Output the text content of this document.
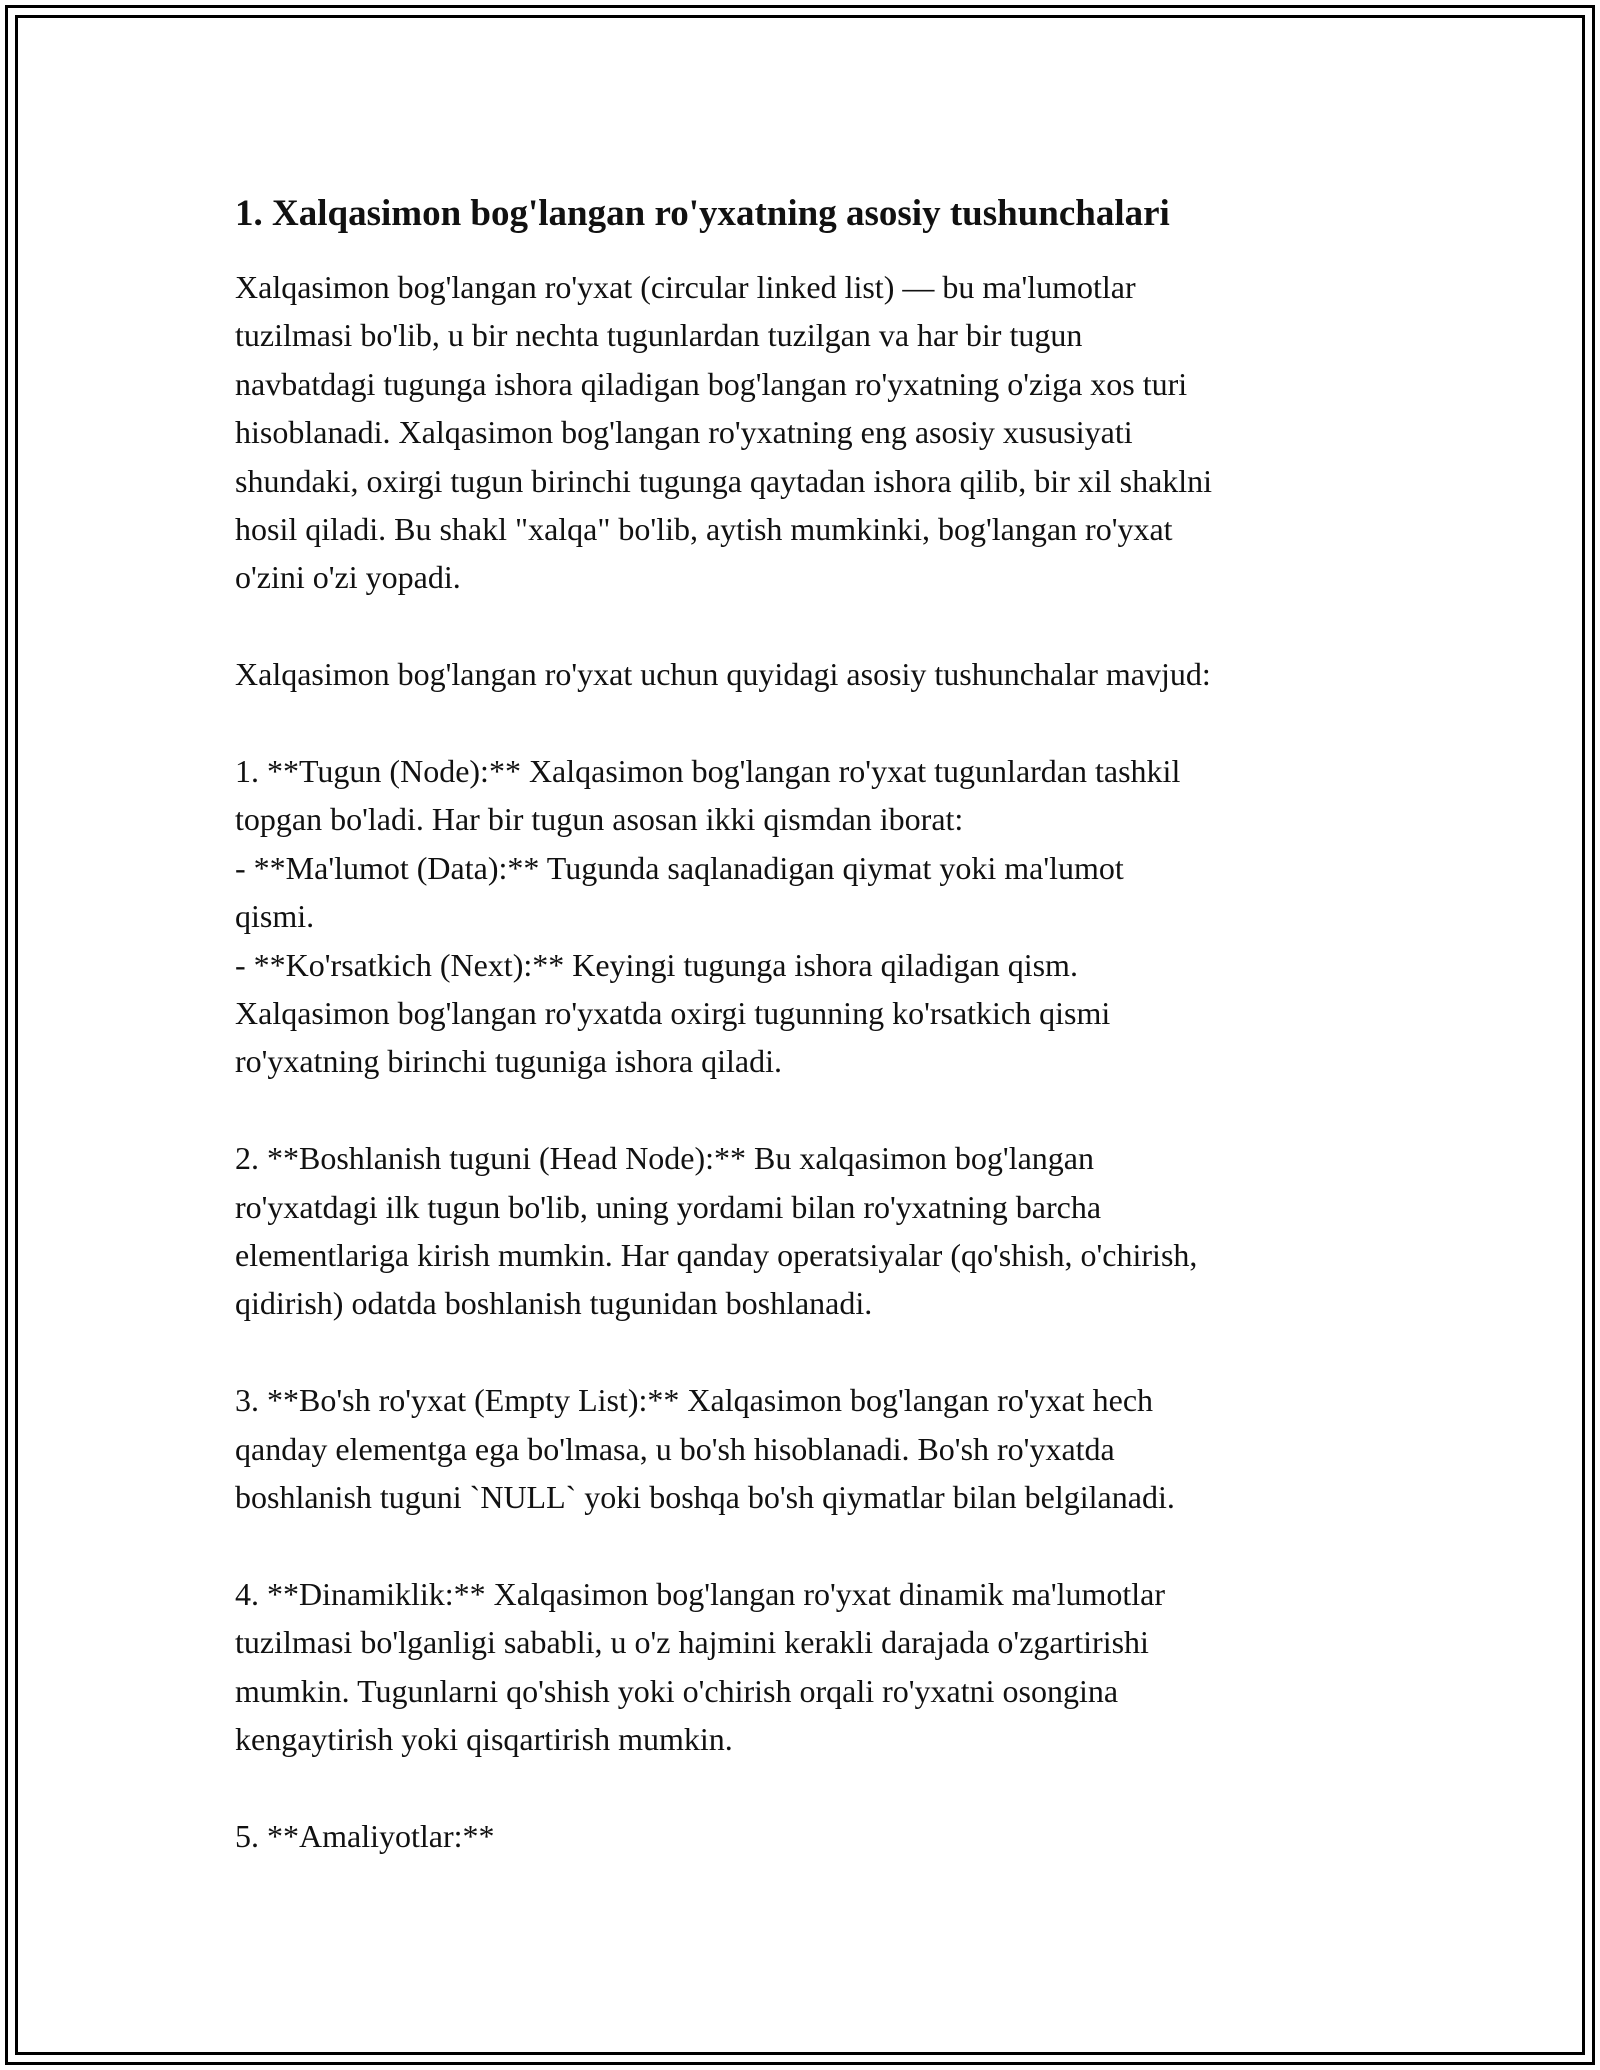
1. Xalqasimon bog'langan ro'yxatning asosiy tushunchalari

Xalqasimon bog'langan ro'yxat (circular linked list) — bu ma'lumotlar
tuzilmasi bo'lib, u bir nechta tugunlardan tuzilgan va har bir tugun
navbatdagi tugunga ishora qiladigan bog'langan ro'yxatning o'ziga xos turi
hisoblanadi. Xalqasimon bog'langan ro'yxatning eng asosiy xususiyati
shundaki, oxirgi tugun birinchi tugunga qaytadan ishora qilib, bir xil shaklni
hosil qiladi. Bu shakl "xalqa" bo'lib, aytish mumkinki, bog'langan ro'yxat
o'zini o'zi yopadi.

Xalqasimon bog'langan ro'yxat uchun quyidagi asosiy tushunchalar mavjud:

1. **Tugun (Node):** Xalqasimon bog'langan ro'yxat tugunlardan tashkil
topgan bo'ladi. Har bir tugun asosan ikki qismdan iborat:
- **Ma'lumot (Data):** Tugunda saqlanadigan qiymat yoki ma'lumot
qismi.
- **Ko'rsatkich (Next):** Keyingi tugunga ishora qiladigan qism.
Xalqasimon bog'langan ro'yxatda oxirgi tugunning ko'rsatkich qismi
ro'yxatning birinchi tuguniga ishora qiladi.

2. **Boshlanish tuguni (Head Node):** Bu xalqasimon bog'langan
ro'yxatdagi ilk tugun bo'lib, uning yordami bilan ro'yxatning barcha
elementlariga kirish mumkin. Har qanday operatsiyalar (qo'shish, o'chirish,
qidirish) odatda boshlanish tugunidan boshlanadi.

3. **Bo'sh ro'yxat (Empty List):** Xalqasimon bog'langan ro'yxat hech
qanday elementga ega bo'lmasa, u bo'sh hisoblanadi. Bo'sh ro'yxatda
boshlanish tuguni `NULL` yoki boshqa bo'sh qiymatlar bilan belgilanadi.

4. **Dinamiklik:** Xalqasimon bog'langan ro'yxat dinamik ma'lumotlar
tuzilmasi bo'lganligi sababli, u o'z hajmini kerakli darajada o'zgartirishi
mumkin. Tugunlarni qo'shish yoki o'chirish orqali ro'yxatni osongina
kengaytirish yoki qisqartirish mumkin.

5. **Amaliyotlar:**
